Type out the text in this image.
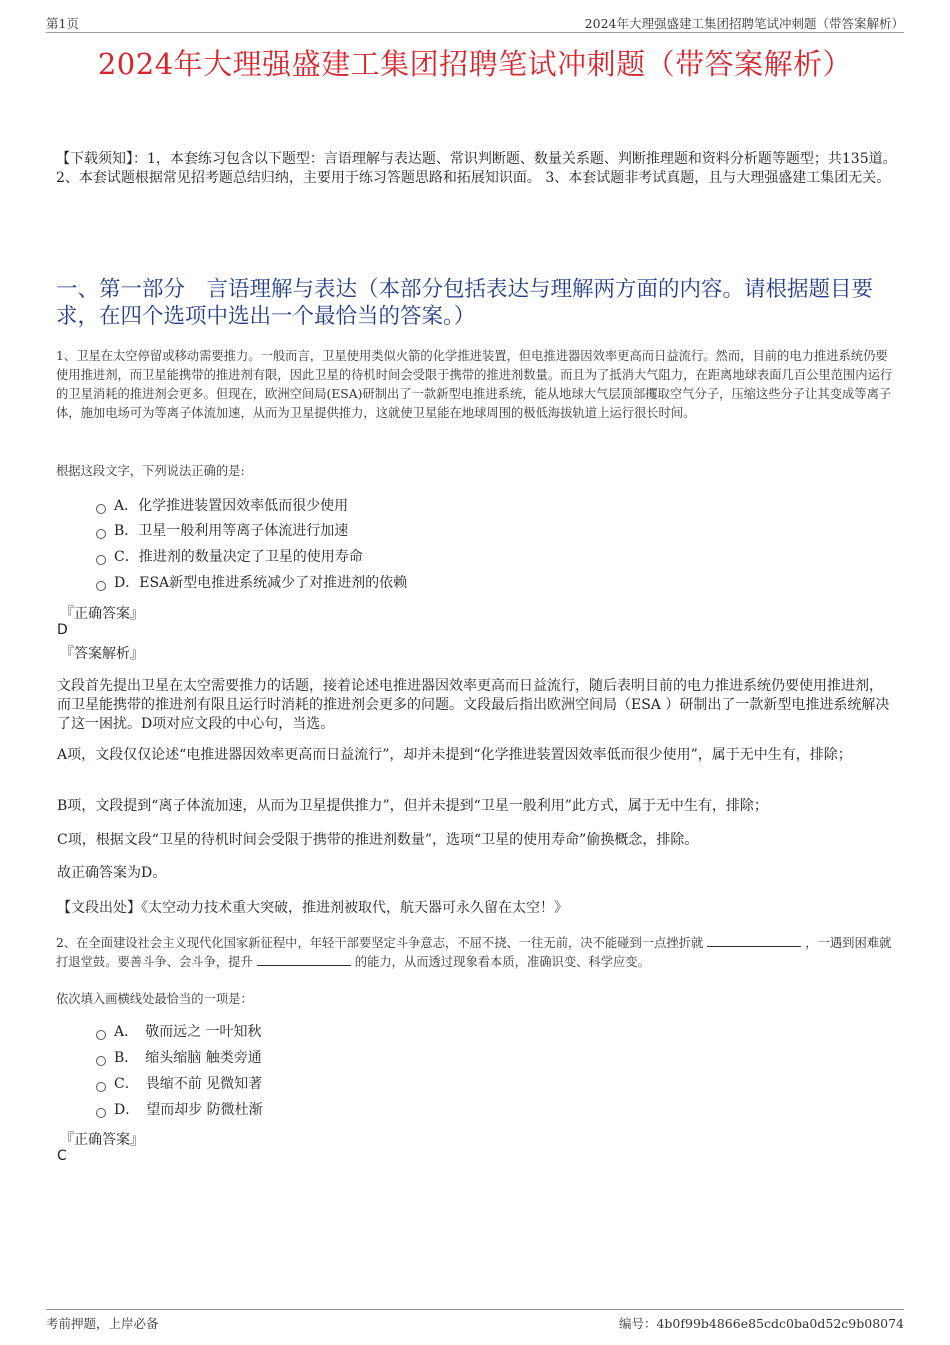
第1页	2024年大理强盛建工集团招聘笔试冲刺题（带答案解析）
2024年大理强盛建工集团招聘笔试冲刺题（带答案解析）
【下载须知】：1，本套练习包含以下题型：言语理解与表达题、常识判断题、数量关系题、判断推理题和资料分析题等题型；共135道。 2、本套试题根据常见招考题总结归纳，主要用于练习答题思路和拓展知识面。 3、本套试题非考试真题，且与大理强盛建工集团无关。
一、第一部分　言语理解与表达（本部分包括表达与理解两方面的内容。请根据题目要求，在四个选项中选出一个最恰当的答案。）
1、卫星在太空停留或移动需要推力。一般而言，卫星使用类似火箭的化学推进装置，但电推进器因效率更高而日益流行。然而，目前的电力推进系统仍要使用推进剂，而卫星能携带的推进剂有限，因此卫星的待机时间会受限于携带的推进剂数量。而且为了抵消大气阻力，在距离地球表面几百公里范围内运行的卫星消耗的推进剂会更多。但现在，欧洲空间局(ESA)研制出了一款新型电推进系统，能从地球大气层顶部攫取空气分子，压缩这些分子让其变成等离子体，施加电场可为等离子体流加速，从而为卫星提供推力，这就使卫星能在地球周围的极低海拔轨道上运行很长时间。
根据这段文字，下列说法正确的是:
A．化学推进装置因效率低而很少使用
B．卫星一般利用等离子体流进行加速
C．推进剂的数量决定了卫星的使用寿命
D．ESA新型电推进系统减少了对推进剂的依赖
『正确答案』
D
『答案解析』
文段首先提出卫星在太空需要推力的话题，接着论述电推进器因效率更高而日益流行，随后表明目前的电力推进系统仍要使用推进剂，而卫星能携带的推进剂有限且运行时消耗的推进剂会更多的问题。文段最后指出欧洲空间局（ESA ）研制出了一款新型电推进系统解决了这一困扰。D项对应文段的中心句，当选。
A项，文段仅仅论述“电推进器因效率更高而日益流行”，却并未提到“化学推进装置因效率低而很少使用”，属于无中生有，排除；
B项，文段提到“离子体流加速，从而为卫星提供推力”，但并未提到“卫星一般利用”此方式，属于无中生有，排除；
C项，根据文段“卫星的待机时间会受限于携带的推进剂数量”，选项“卫星的使用寿命”偷换概念，排除。
故正确答案为D。
【文段出处】《太空动力技术重大突破，推进剂被取代，航天器可永久留在太空！》
2、在全面建设社会主义现代化国家新征程中，年轻干部要坚定斗争意志，不屈不挠、一往无前，决不能碰到一点挫折就	，一遇到困难就打退堂鼓。要善斗争、会斗争，提升	的能力，从而透过现象看本质，准确识变、科学应变。
依次填入画横线处最恰当的一项是：
A．　敬而远之 一叶知秋
B．　缩头缩脑 触类旁通
C．　畏缩不前 见微知著
D．　望而却步 防微杜渐
『正确答案』
C
考前押题，上岸必备	编号：4b0f99b4866e85cdc0ba0d52c9b08074
